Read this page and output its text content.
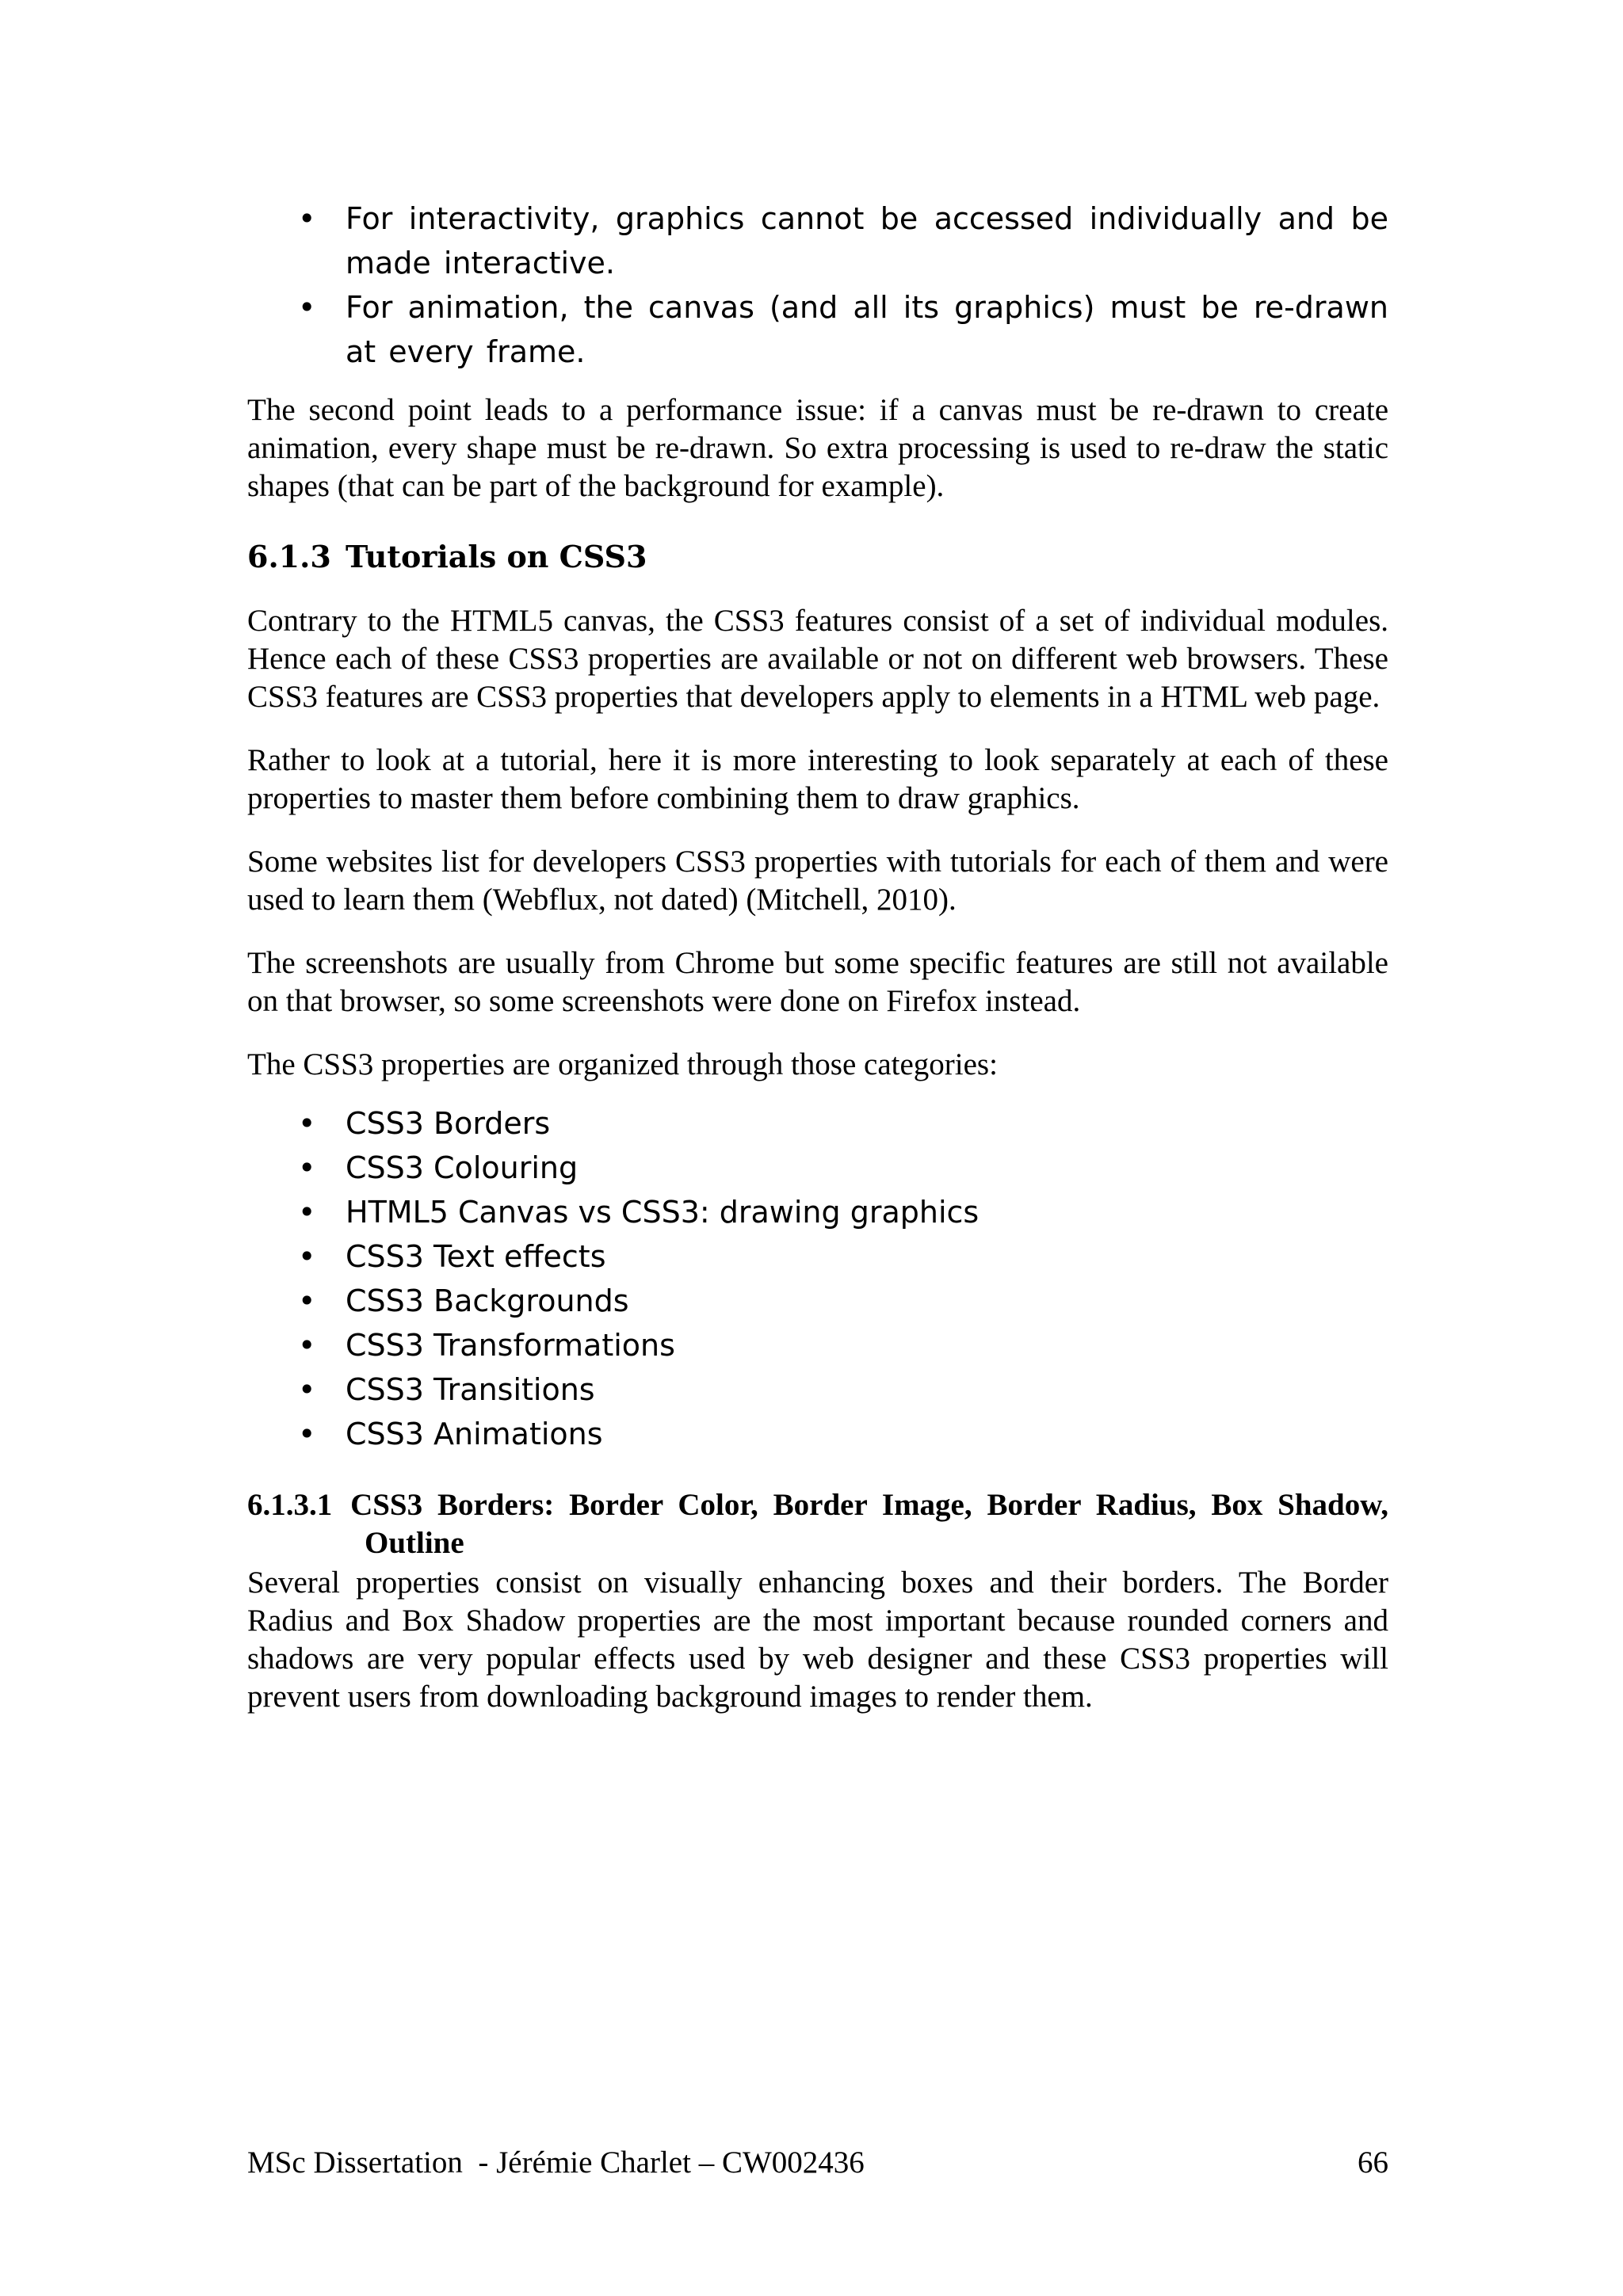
• For interactivity, graphics cannot be accessed individually and be made interactive.
• For animation, the canvas (and all its graphics) must be re-drawn at every frame.

The second point leads to a performance issue: if a canvas must be re-drawn to create animation, every shape must be re-drawn. So extra processing is used to re-draw the static shapes (that can be part of the background for example).

6.1.3 Tutorials on CSS3

Contrary to the HTML5 canvas, the CSS3 features consist of a set of individual modules. Hence each of these CSS3 properties are available or not on different web browsers. These CSS3 features are CSS3 properties that developers apply to elements in a HTML web page.

Rather to look at a tutorial, here it is more interesting to look separately at each of these properties to master them before combining them to draw graphics.

Some websites list for developers CSS3 properties with tutorials for each of them and were used to learn them (Webflux, not dated) (Mitchell, 2010).

The screenshots are usually from Chrome but some specific features are still not available on that browser, so some screenshots were done on Firefox instead.

The CSS3 properties are organized through those categories:

• CSS3 Borders
• CSS3 Colouring
• HTML5 Canvas vs CSS3: drawing graphics
• CSS3 Text effects
• CSS3 Backgrounds
• CSS3 Transformations
• CSS3 Transitions
• CSS3 Animations
6.1.3.1 CSS3 Borders: Border Color, Border Image, Border Radius, Box Shadow, Outline

Several properties consist on visually enhancing boxes and their borders. The Border Radius and Box Shadow properties are the most important because rounded corners and shadows are very popular effects used by web designer and these CSS3 properties will prevent users from downloading background images to render them.

MSc Dissertation  - Jérémie Charlet – CW002436	66
